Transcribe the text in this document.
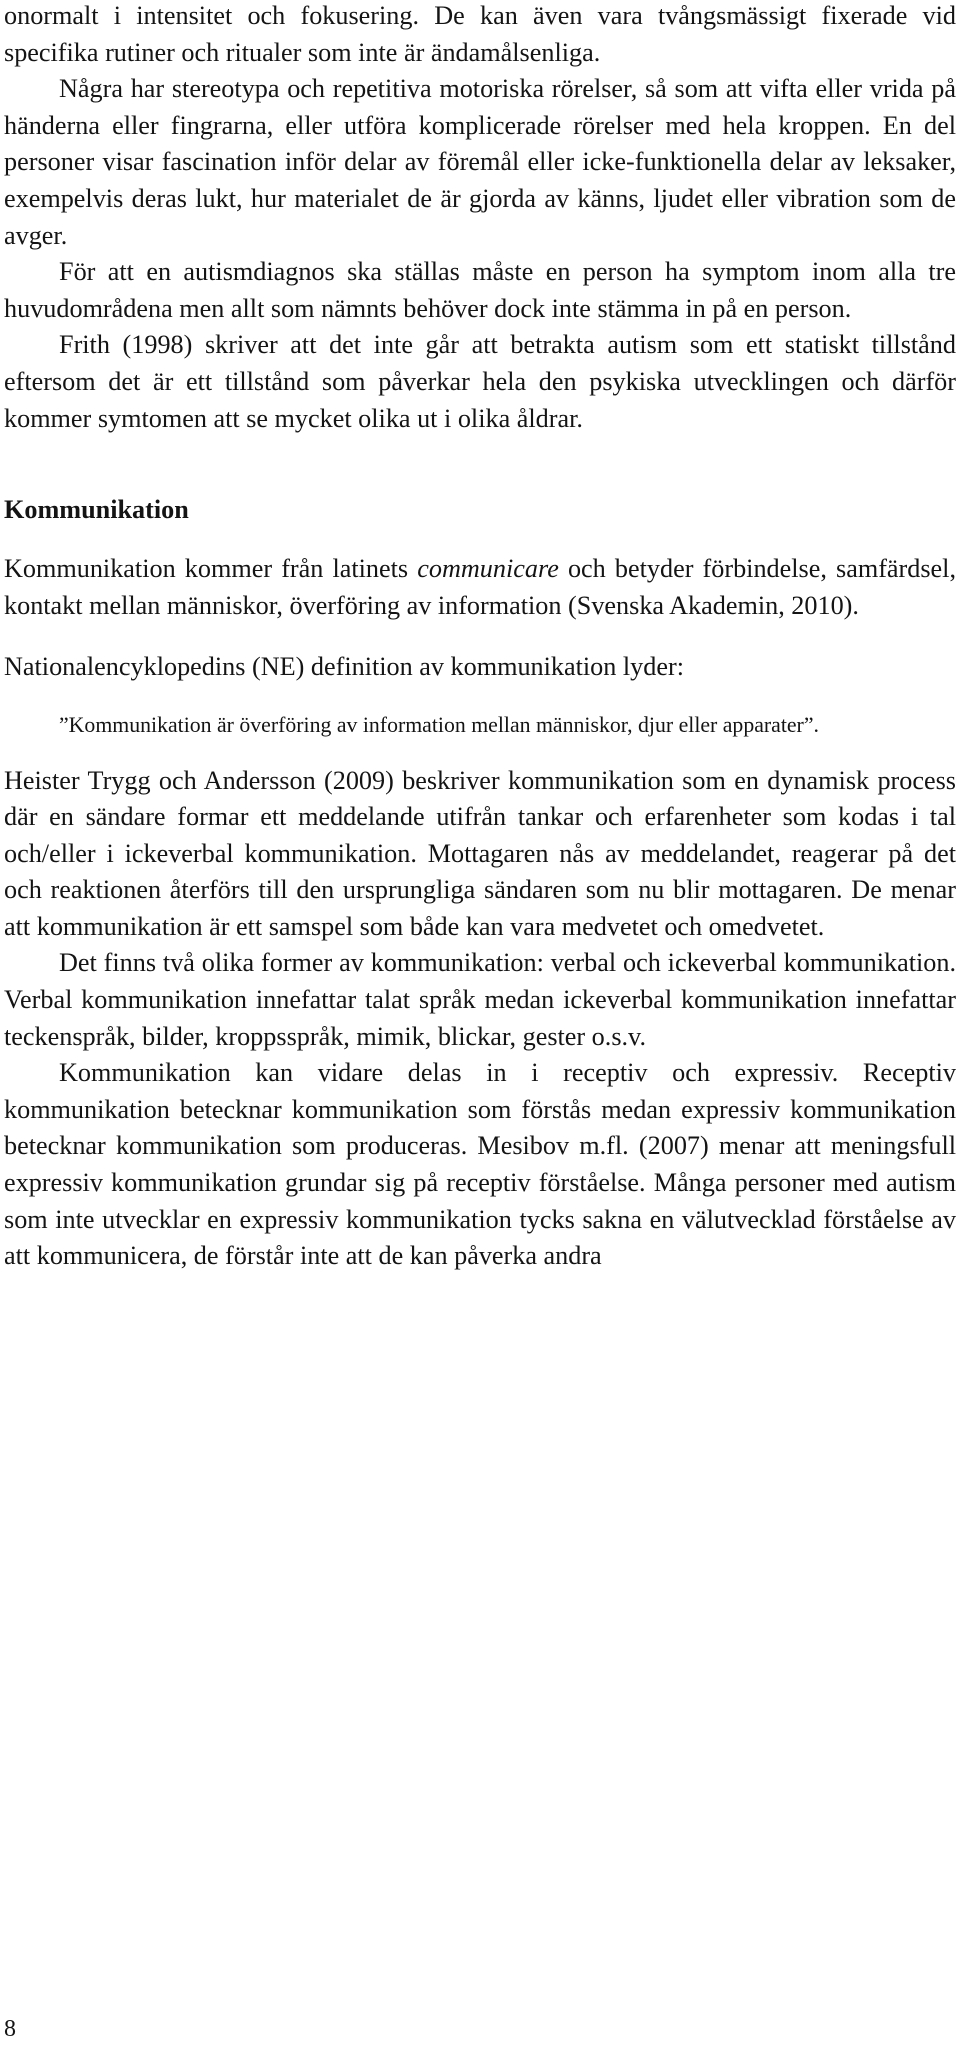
onormalt i intensitet och fokusering. De kan även vara tvångsmässigt fixerade vid specifika rutiner och ritualer som inte är ändamålsenliga.

Några har stereotypa och repetitiva motoriska rörelser, så som att vifta eller vrida på händerna eller fingrarna, eller utföra komplicerade rörelser med hela kroppen. En del personer visar fascination inför delar av föremål eller icke-funktionella delar av leksaker, exempelvis deras lukt, hur materialet de är gjorda av känns, ljudet eller vibration som de avger.

För att en autismdiagnos ska ställas måste en person ha symptom inom alla tre huvudområdena men allt som nämnts behöver dock inte stämma in på en person.

Frith (1998) skriver att det inte går att betrakta autism som ett statiskt tillstånd eftersom det är ett tillstånd som påverkar hela den psykiska utvecklingen och därför kommer symtomen att se mycket olika ut i olika åldrar.

Kommunikation

Kommunikation kommer från latinets communicare och betyder förbindelse, samfärdsel, kontakt mellan människor, överföring av information (Svenska Akademin, 2010).

Nationalencyklopedins (NE) definition av kommunikation lyder:

”Kommunikation är överföring av information mellan människor, djur eller apparater”.

Heister Trygg och Andersson (2009) beskriver kommunikation som en dynamisk process där en sändare formar ett meddelande utifrån tankar och erfarenheter som kodas i tal och/eller i ickeverbal kommunikation. Mottagaren nås av meddelandet, reagerar på det och reaktionen återförs till den ursprungliga sändaren som nu blir mottagaren. De menar att kommunikation är ett samspel som både kan vara medvetet och omedvetet.

Det finns två olika former av kommunikation: verbal och ickeverbal kommunikation. Verbal kommunikation innefattar talat språk medan ickeverbal kommunikation innefattar teckenspråk, bilder, kroppsspråk, mimik, blickar, gester o.s.v.

Kommunikation kan vidare delas in i receptiv och expressiv. Receptiv kommunikation betecknar kommunikation som förstås medan expressiv kommunikation betecknar kommunikation som produceras. Mesibov m.fl. (2007) menar att meningsfull expressiv kommunikation grundar sig på receptiv förståelse. Många personer med autism som inte utvecklar en expressiv kommunikation tycks sakna en välutvecklad förståelse av att kommunicera, de förstår inte att de kan påverka andra

8
